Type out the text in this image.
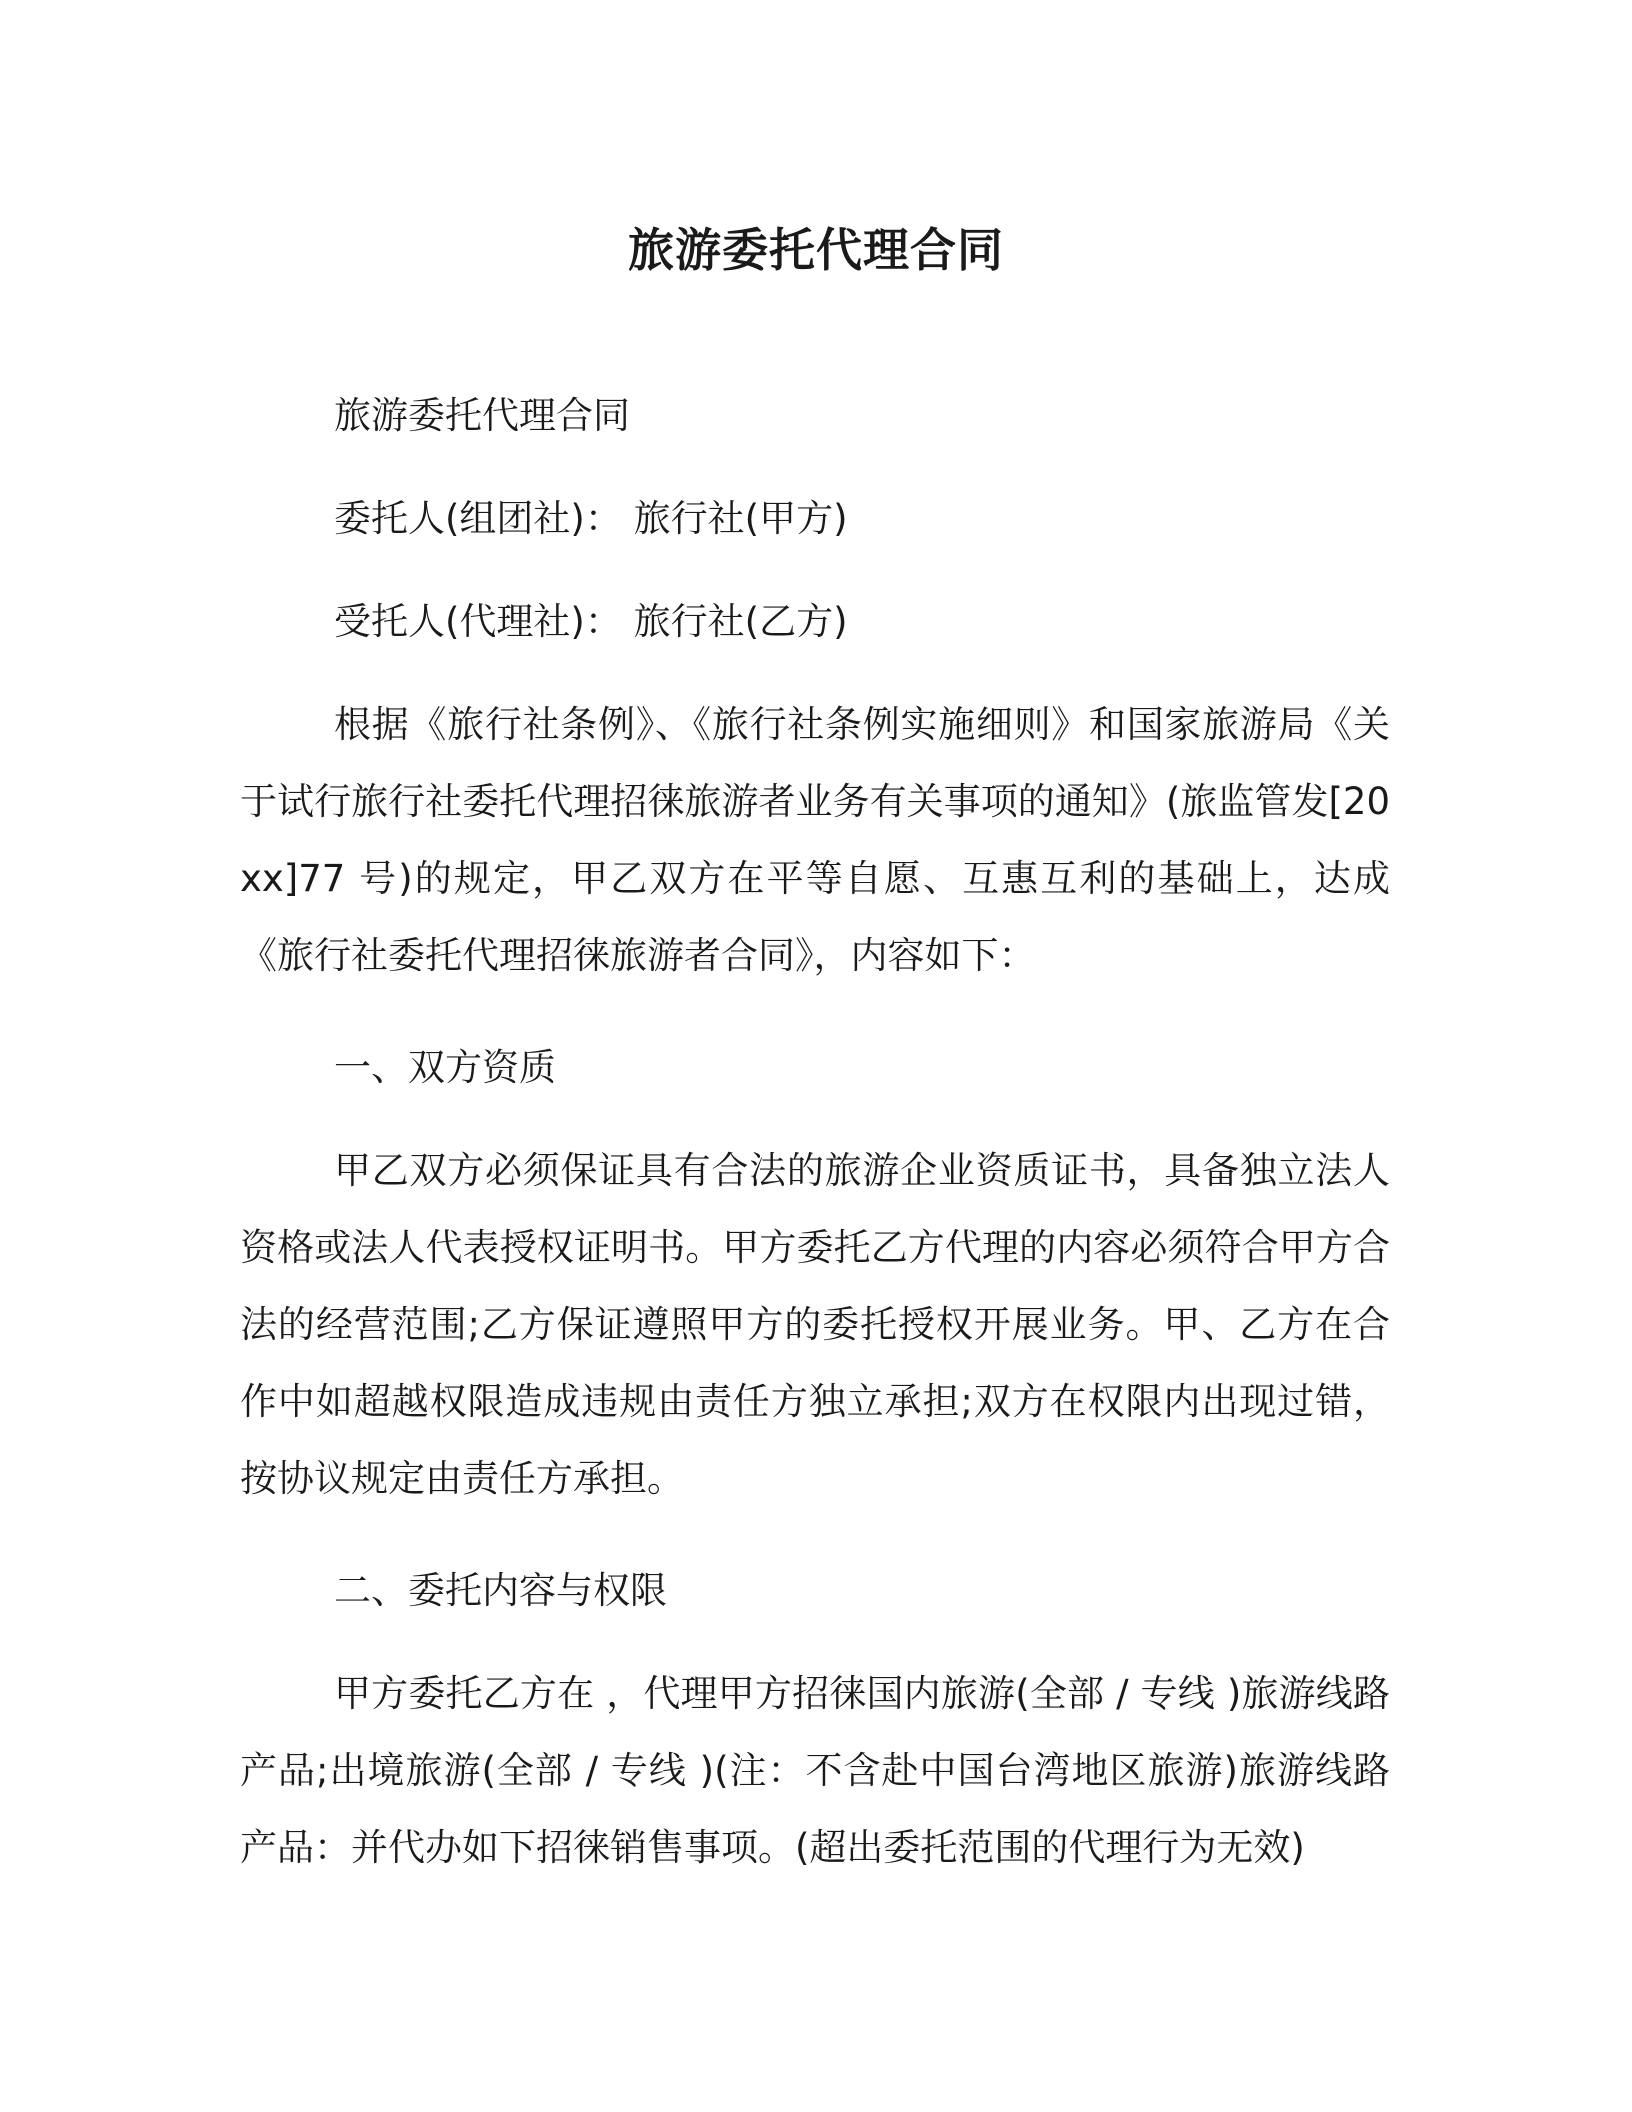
旅游委托代理合同

旅游委托代理合同

委托人(组团社)： 旅行社(甲方)

受托人(代理社)： 旅行社(乙方)

根据《旅行社条例》、《旅行社条例实施细则》和国家旅游局《关于试行旅行社委托代理招徕旅游者业务有关事项的通知》(旅监管发[20xx]77 号)的规定，甲乙双方在平等自愿、互惠互利的基础上，达成《旅行社委托代理招徕旅游者合同》，内容如下：

一、双方资质

甲乙双方必须保证具有合法的旅游企业资质证书，具备独立法人资格或法人代表授权证明书。甲方委托乙方代理的内容必须符合甲方合法的经营范围;乙方保证遵照甲方的委托授权开展业务。甲、乙方在合作中如超越权限造成违规由责任方独立承担;双方在权限内出现过错，按协议规定由责任方承担。

二、委托内容与权限

甲方委托乙方在 ，代理甲方招徕国内旅游(全部 / 专线 )旅游线路产品;出境旅游(全部 / 专线 )(注：不含赴中国台湾地区旅游)旅游线路产品：并代办如下招徕销售事项。(超出委托范围的代理行为无效)
